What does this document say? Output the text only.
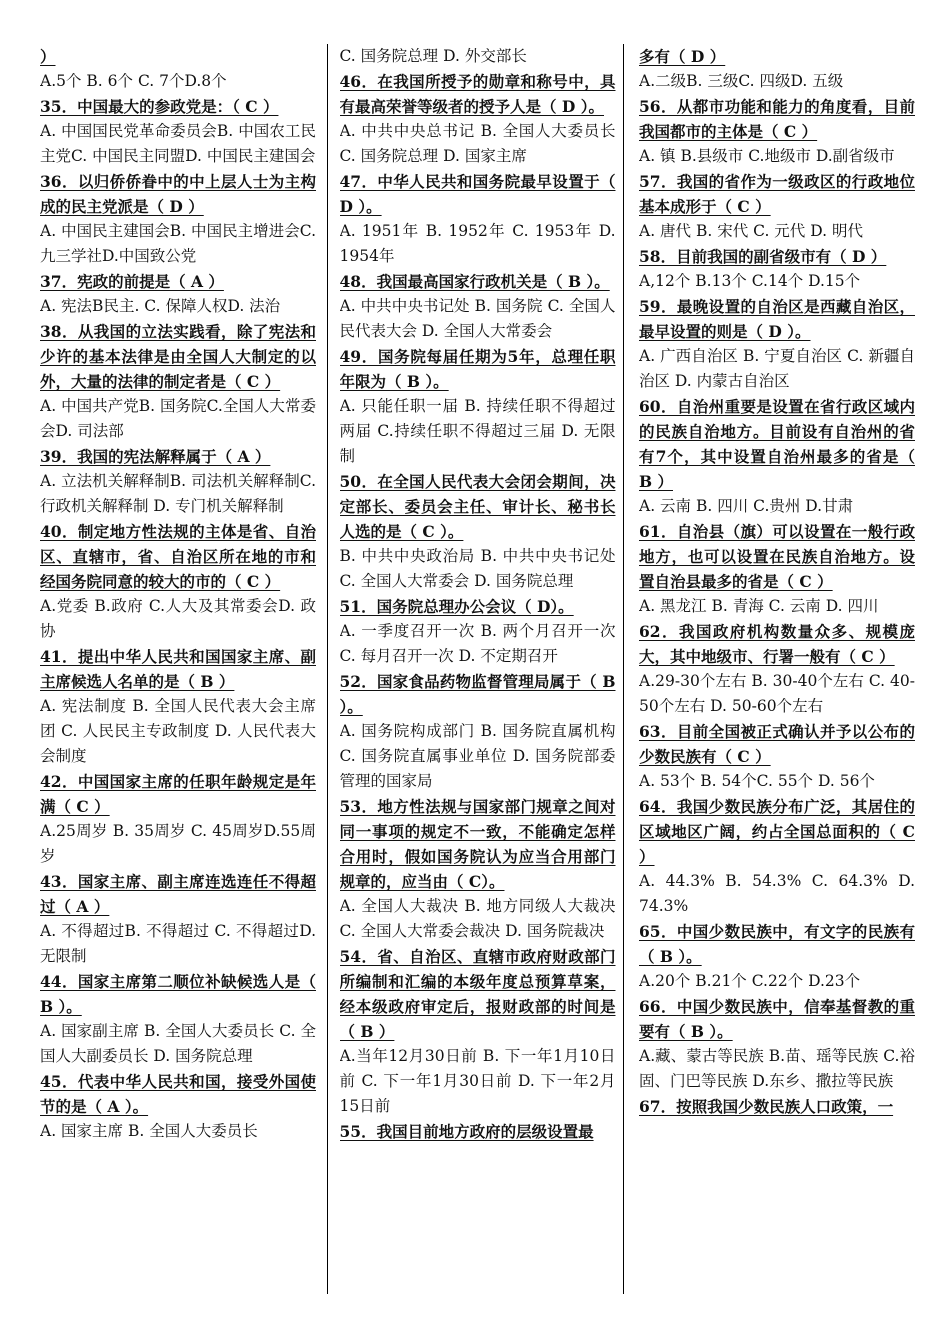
）

A.5个 B. 6个 C. 7个D.8个

35．中国最大的参政党是：（ C ）

A. 中国国民党革命委员会B. 中国农工民主党C. 中国民主同盟D. 中国民主建国会

36．以归侨侨眷中的中上层人士为主构成的民主党派是（ D ）

A. 中国民主建国会B. 中国民主增进会C. 九三学社D.中国致公党

37．宪政的前提是（ A ）

A. 宪法B民主. C. 保障人权D. 法治

38．从我国的立法实践看，除了宪法和少许的基本法律是由全国人大制定的以外，大量的法律的制定者是（ C ）

A. 中国共产党B. 国务院C.全国人大常委会D. 司法部

39．我国的宪法解释属于（ A ）

A. 立法机关解释制B. 司法机关解释制C.行政机关解释制 D. 专门机关解释制

40．制定地方性法规的主体是省、自治区、直辖市，省、自治区所在地的市和经国务院同意的较大的市的（ C ）

A.党委 B.政府 C.人大及其常委会D. 政协

41．提出中华人民共和国国家主席、副主席候选人名单的是（ B ）

A. 宪法制度 B. 全国人民代表大会主席团 C. 人民民主专政制度 D. 人民代表大会制度

42．中国国家主席的任职年龄规定是年满（ C ）

A.25周岁 B. 35周岁 C. 45周岁D.55周岁

43．国家主席、副主席连选连任不得超过（ A ）

A. 不得超过B. 不得超过 C. 不得超过D. 无限制

44．国家主席第二顺位补缺候选人是（ B ）。

A. 国家副主席 B. 全国人大委员长 C. 全国人大副委员长 D. 国务院总理

45．代表中华人民共和国，接受外国使节的是（ A ）。

A. 国家主席 B. 全国人大委员长

C. 国务院总理 D. 外交部长

46．在我国所授予的勋章和称号中，具有最高荣誉等级者的授予人是（ D ）。

A. 中共中央总书记 B. 全国人大委员长 C. 国务院总理 D. 国家主席

47．中华人民共和国务院最早设置于（ D ）。

A. 1951年 B. 1952年 C. 1953年 D. 1954年

48．我国最高国家行政机关是（ B ）。

A. 中共中央书记处 B. 国务院 C. 全国人民代表大会 D. 全国人大常委会

49．国务院每届任期为5年，总理任职年限为（ B ）。

A. 只能任职一届 B. 持续任职不得超过两届 C.持续任职不得超过三届 D. 无限制

50．在全国人民代表大会闭会期间，决定部长、委员会主任、审计长、秘书长人选的是（ C ）。

B. 中共中央政治局 B. 中共中央书记处 C. 全国人大常委会 D. 国务院总理

51．国务院总理办公会议（ D）。

A. 一季度召开一次 B. 两个月召开一次 C. 每月召开一次 D. 不定期召开

52．国家食品药物监督管理局属于（ B ）。

A. 国务院构成部门 B. 国务院直属机构 C. 国务院直属事业单位 D. 国务院部委管理的国家局

53．地方性法规与国家部门规章之间对同一事项的规定不一致，不能确定怎样合用时，假如国务院认为应当合用部门规章的，应当由（ C）。

A. 全国人大裁决 B. 地方同级人大裁决 C. 全国人大常委会裁决 D. 国务院裁决

54．省、自治区、直辖市政府财政部门所编制和汇编的本级年度总预算草案，经本级政府审定后，报财政部的时间是（ B ）

A.当年12月30日前 B. 下一年1月10日前 C. 下一年1月30日前 D. 下一年2月15日前

55．我国目前地方政府的层级设置最

多有（ D ）

A.二级B. 三级C. 四级D. 五级

56．从都市功能和能力的角度看，目前我国都市的主体是（ C ）

A. 镇 B.县级市 C.地级市 D.副省级市

57．我国的省作为一级政区的行政地位基本成形于（ C ）

A. 唐代 B. 宋代 C. 元代 D. 明代

58．目前我国的副省级市有（ D ）

A,12个 B.13个 C.14个 D.15个

59．最晚设置的自治区是西藏自治区，最早设置的则是（ D ）。

A. 广西自治区 B. 宁夏自治区 C. 新疆自治区 D. 内蒙古自治区

60．自治州重要是设置在省行政区域内的民族自治地方。目前设有自治州的省有7个，其中设置自治州最多的省是（ B ）

A. 云南 B. 四川 C.贵州 D.甘肃

61．自治县（旗）可以设置在一般行政地方，也可以设置在民族自治地方。设置自治县最多的省是（ C ）

A. 黑龙江 B. 青海 C. 云南 D. 四川

62．我国政府机构数量众多、规模庞大，其中地级市、行署一般有（ C ）

A.29-30个左右 B. 30-40个左右 C. 40-50个左右 D. 50-60个左右

63．目前全国被正式确认并予以公布的少数民族有（ C ）

A. 53个 B. 54个C. 55个 D. 56个

64．我国少数民族分布广泛，其居住的区域地区广阔，约占全国总面积的（ C ）

A. 44.3% B. 54.3% C. 64.3% D. 74.3%

65．中国少数民族中，有文字的民族有（ B ）。

A.20个 B.21个 C.22个 D.23个

66．中国少数民族中，信奉基督教的重要有（ B ）。

A.藏、蒙古等民族 B.苗、瑶等民族 C.裕固、门巴等民族 D.东乡、撒拉等民族

67．按照我国少数民族人口政策，一
